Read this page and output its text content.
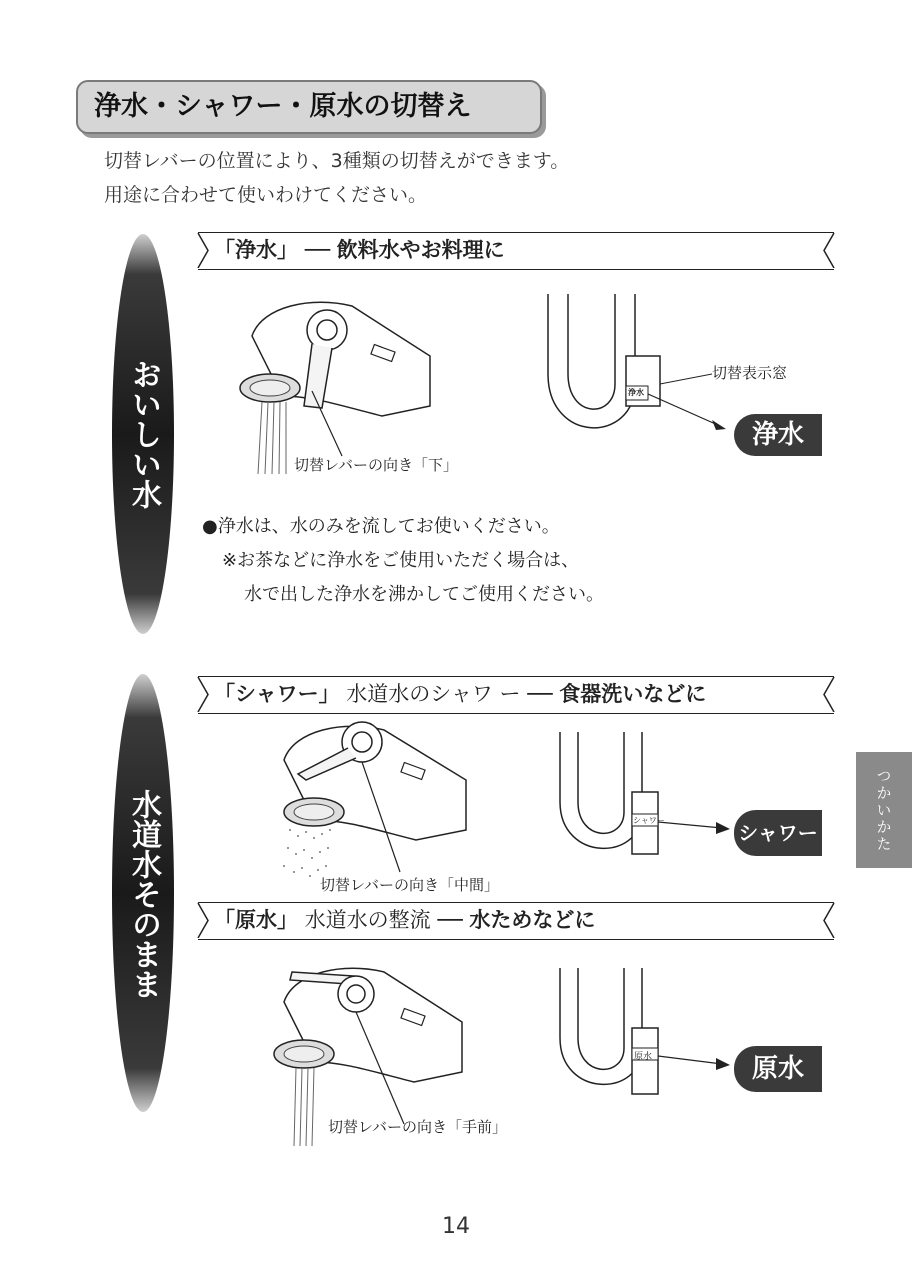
浄水・シャワー・原水の切替え
切替レバーの位置により、3種類の切替えができます。
用途に合わせて使いわけてください。
おいしい水
「浄水」 ── 飲料水やお料理に
切替レバーの向き「下」
浄水
切替表示窓
浄水
●浄水は、水のみを流してお使いください。
※お茶などに浄水をご使用いただく場合は、
水で出した浄水を沸かしてご使用ください。
水道水そのまま
「シャワー」 水道水のシャワ ー ── 食器洗いなどに
切替レバーの向き「中間」
シャワー
シャワー
「原水」 水道水の整流 ── 水ためなどに
切替レバーの向き「手前」
原水	原水
つかいかた
14
